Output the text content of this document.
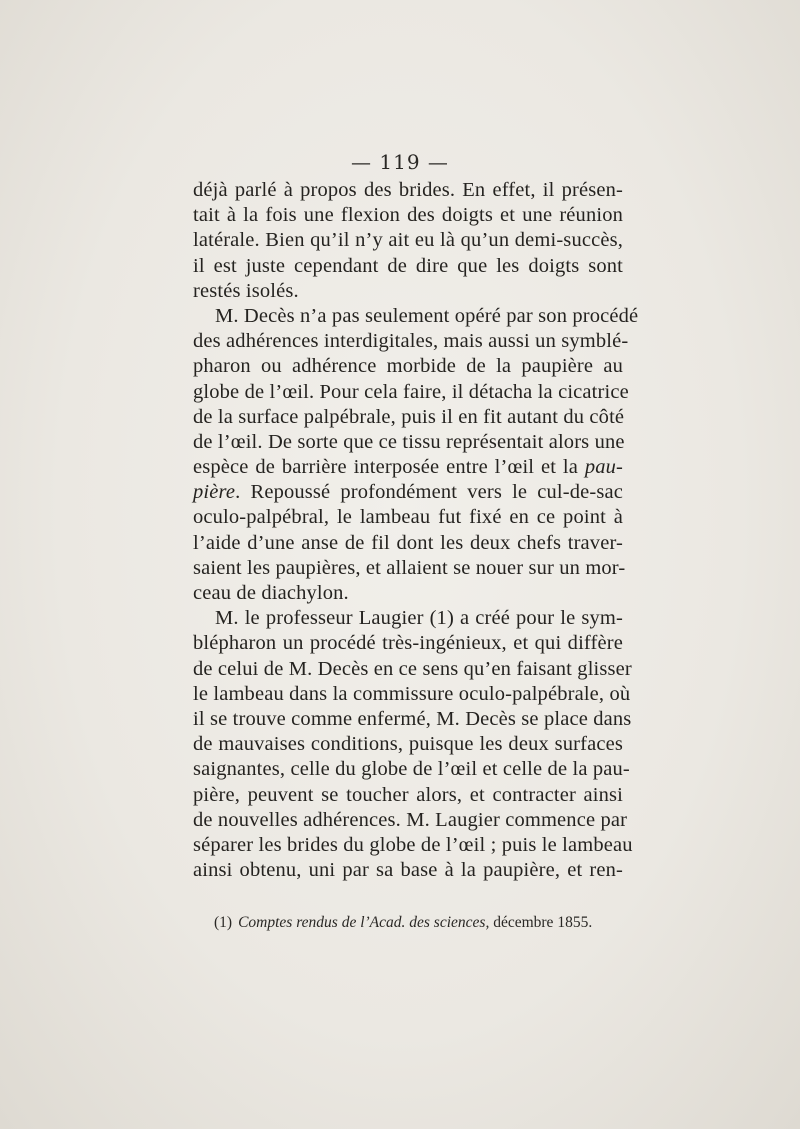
— 119 —
déjà parlé à propos des brides. En effet, il présen-
tait à la fois une flexion des doigts et une réunion
latérale. Bien qu’il n’y ait eu là qu’un demi-succès,
il est juste cependant de dire que les doigts sont
restés isolés.
M. Decès n’a pas seulement opéré par son procédé
des adhérences interdigitales, mais aussi un symblé-
pharon ou adhérence morbide de la paupière au
globe de l’œil. Pour cela faire, il détacha la cicatrice
de la surface palpébrale, puis il en fit autant du côté
de l’œil. De sorte que ce tissu représentait alors une
espèce de barrière interposée entre l’œil et la pau-
pière. Repoussé profondément vers le cul-de-sac
oculo-palpébral, le lambeau fut fixé en ce point à
l’aide d’une anse de fil dont les deux chefs traver-
saient les paupières, et allaient se nouer sur un mor-
ceau de diachylon.
M. le professeur Laugier (1) a créé pour le sym-
blépharon un procédé très-ingénieux, et qui diffère
de celui de M. Decès en ce sens qu’en faisant glisser
le lambeau dans la commissure oculo-palpébrale, où
il se trouve comme enfermé, M. Decès se place dans
de mauvaises conditions, puisque les deux surfaces
saignantes, celle du globe de l’œil et celle de la pau-
pière, peuvent se toucher alors, et contracter ainsi
de nouvelles adhérences. M. Laugier commence par
séparer les brides du globe de l’œil ; puis le lambeau
ainsi obtenu, uni par sa base à la paupière, et ren-
(1) Comptes rendus de l’Acad. des sciences, décembre 1855.
